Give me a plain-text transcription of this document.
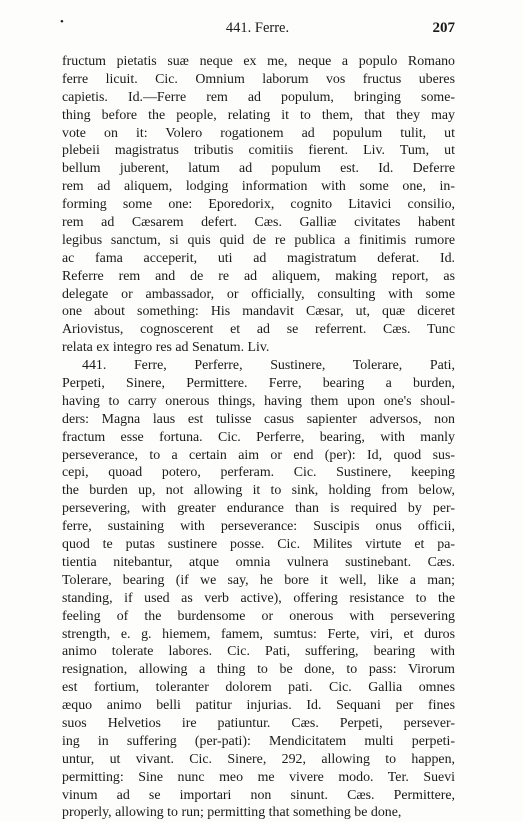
•	441. Ferre.	207
fructum pietatis suæ neque ex me, neque a populo Romano
ferre licuit. Cic. Omnium laborum vos fructus uberes
capietis. Id.—Ferre rem ad populum, bringing some-
thing before the people, relating it to them, that they may
vote on it: Volero rogationem ad populum tulit, ut
plebeii magistratus tributis comitiis fierent. Liv. Tum, ut
bellum juberent, latum ad populum est. Id. Deferre
rem ad aliquem, lodging information with some one, in-
forming some one: Eporedorix, cognito Litavici consilio,
rem ad Cæsarem defert. Cæs. Galliæ civitates habent
legibus sanctum, si quis quid de re publica a finitimis rumore
ac fama acceperit, uti ad magistratum deferat. Id.
Referre rem and de re ad aliquem, making report, as
delegate or ambassador, or officially, consulting with some
one about something: His mandavit Cæsar, ut, quæ diceret
Ariovistus, cognoscerent et ad se referrent. Cæs. Tunc
relata ex integro res ad Senatum. Liv.
441. Ferre, Perferre, Sustinere, Tolerare, Pati,
Perpeti, Sinere, Permittere. Ferre, bearing a burden,
having to carry onerous things, having them upon one's shoul-
ders: Magna laus est tulisse casus sapienter adversos, non
fractum esse fortuna. Cic. Perferre, bearing, with manly
perseverance, to a certain aim or end (per): Id, quod sus-
cepi, quoad potero, perferam. Cic. Sustinere, keeping
the burden up, not allowing it to sink, holding from below,
persevering, with greater endurance than is required by per-
ferre, sustaining with perseverance: Suscipis onus officii,
quod te putas sustinere posse. Cic. Milites virtute et pa-
tientia nitebantur, atque omnia vulnera sustinebant. Cæs.
Tolerare, bearing (if we say, he bore it well, like a man;
standing, if used as verb active), offering resistance to the
feeling of the burdensome or onerous with persevering
strength, e. g. hiemem, famem, sumtus: Ferte, viri, et duros
animo tolerate labores. Cic. Pati, suffering, bearing with
resignation, allowing a thing to be done, to pass: Virorum
est fortium, toleranter dolorem pati. Cic. Gallia omnes
æquo animo belli patitur injurias. Id. Sequani per fines
suos Helvetios ire patiuntur. Cæs. Perpeti, persever-
ing in suffering (per-pati): Mendicitatem multi perpeti-
untur, ut vivant. Cic. Sinere, 292, allowing to happen,
permitting: Sine nunc meo me vivere modo. Ter. Suevi
vinum ad se importari non sinunt. Cæs. Permittere,
properly, allowing to run; permitting that something be done,
